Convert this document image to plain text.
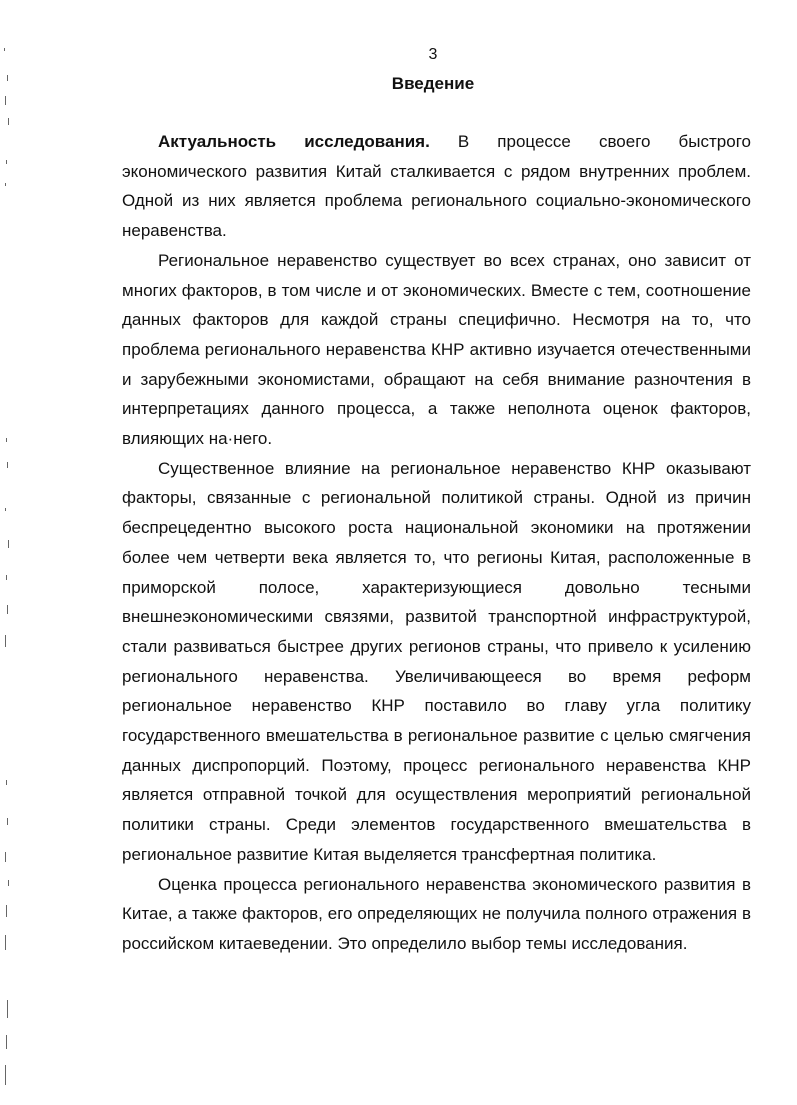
3
Введение

Актуальность исследования. В процессе своего быстрого экономического развития Китай сталкивается с рядом внутренних проблем. Одной из них является проблема регионального социально-экономического неравенства.

Региональное неравенство существует во всех странах, оно зависит от многих факторов, в том числе и от экономических. Вместе с тем, соотношение данных факторов для каждой страны специфично. Несмотря на то, что проблема регионального неравенства КНР активно изучается отечественными и зарубежными экономистами, обращают на себя внимание разночтения в интерпретациях данного процесса, а также неполнота оценок факторов, влияющих на·него.

Существенное влияние на региональное неравенство КНР оказывают факторы, связанные с региональной политикой страны. Одной из причин беспрецедентно высокого роста национальной экономики на протяжении более чем четверти века является то, что регионы Китая, расположенные в приморской полосе, характеризующиеся довольно тесными внешнеэкономическими связями, развитой транспортной инфраструктурой, стали развиваться быстрее других регионов страны, что привело к усилению регионального неравенства. Увеличивающееся во время реформ региональное неравенство КНР поставило во главу угла политику государственного вмешательства в региональное развитие с целью смягчения данных диспропорций. Поэтому, процесс регионального неравенства КНР является отправной точкой для осуществления мероприятий региональной политики страны. Среди элементов государственного вмешательства в региональное развитие Китая выделяется трансфертная политика.

Оценка процесса регионального неравенства экономического развития в Китае, а также факторов, его определяющих не получила полного отражения в российском китаеведении. Это определило выбор темы исследования.
